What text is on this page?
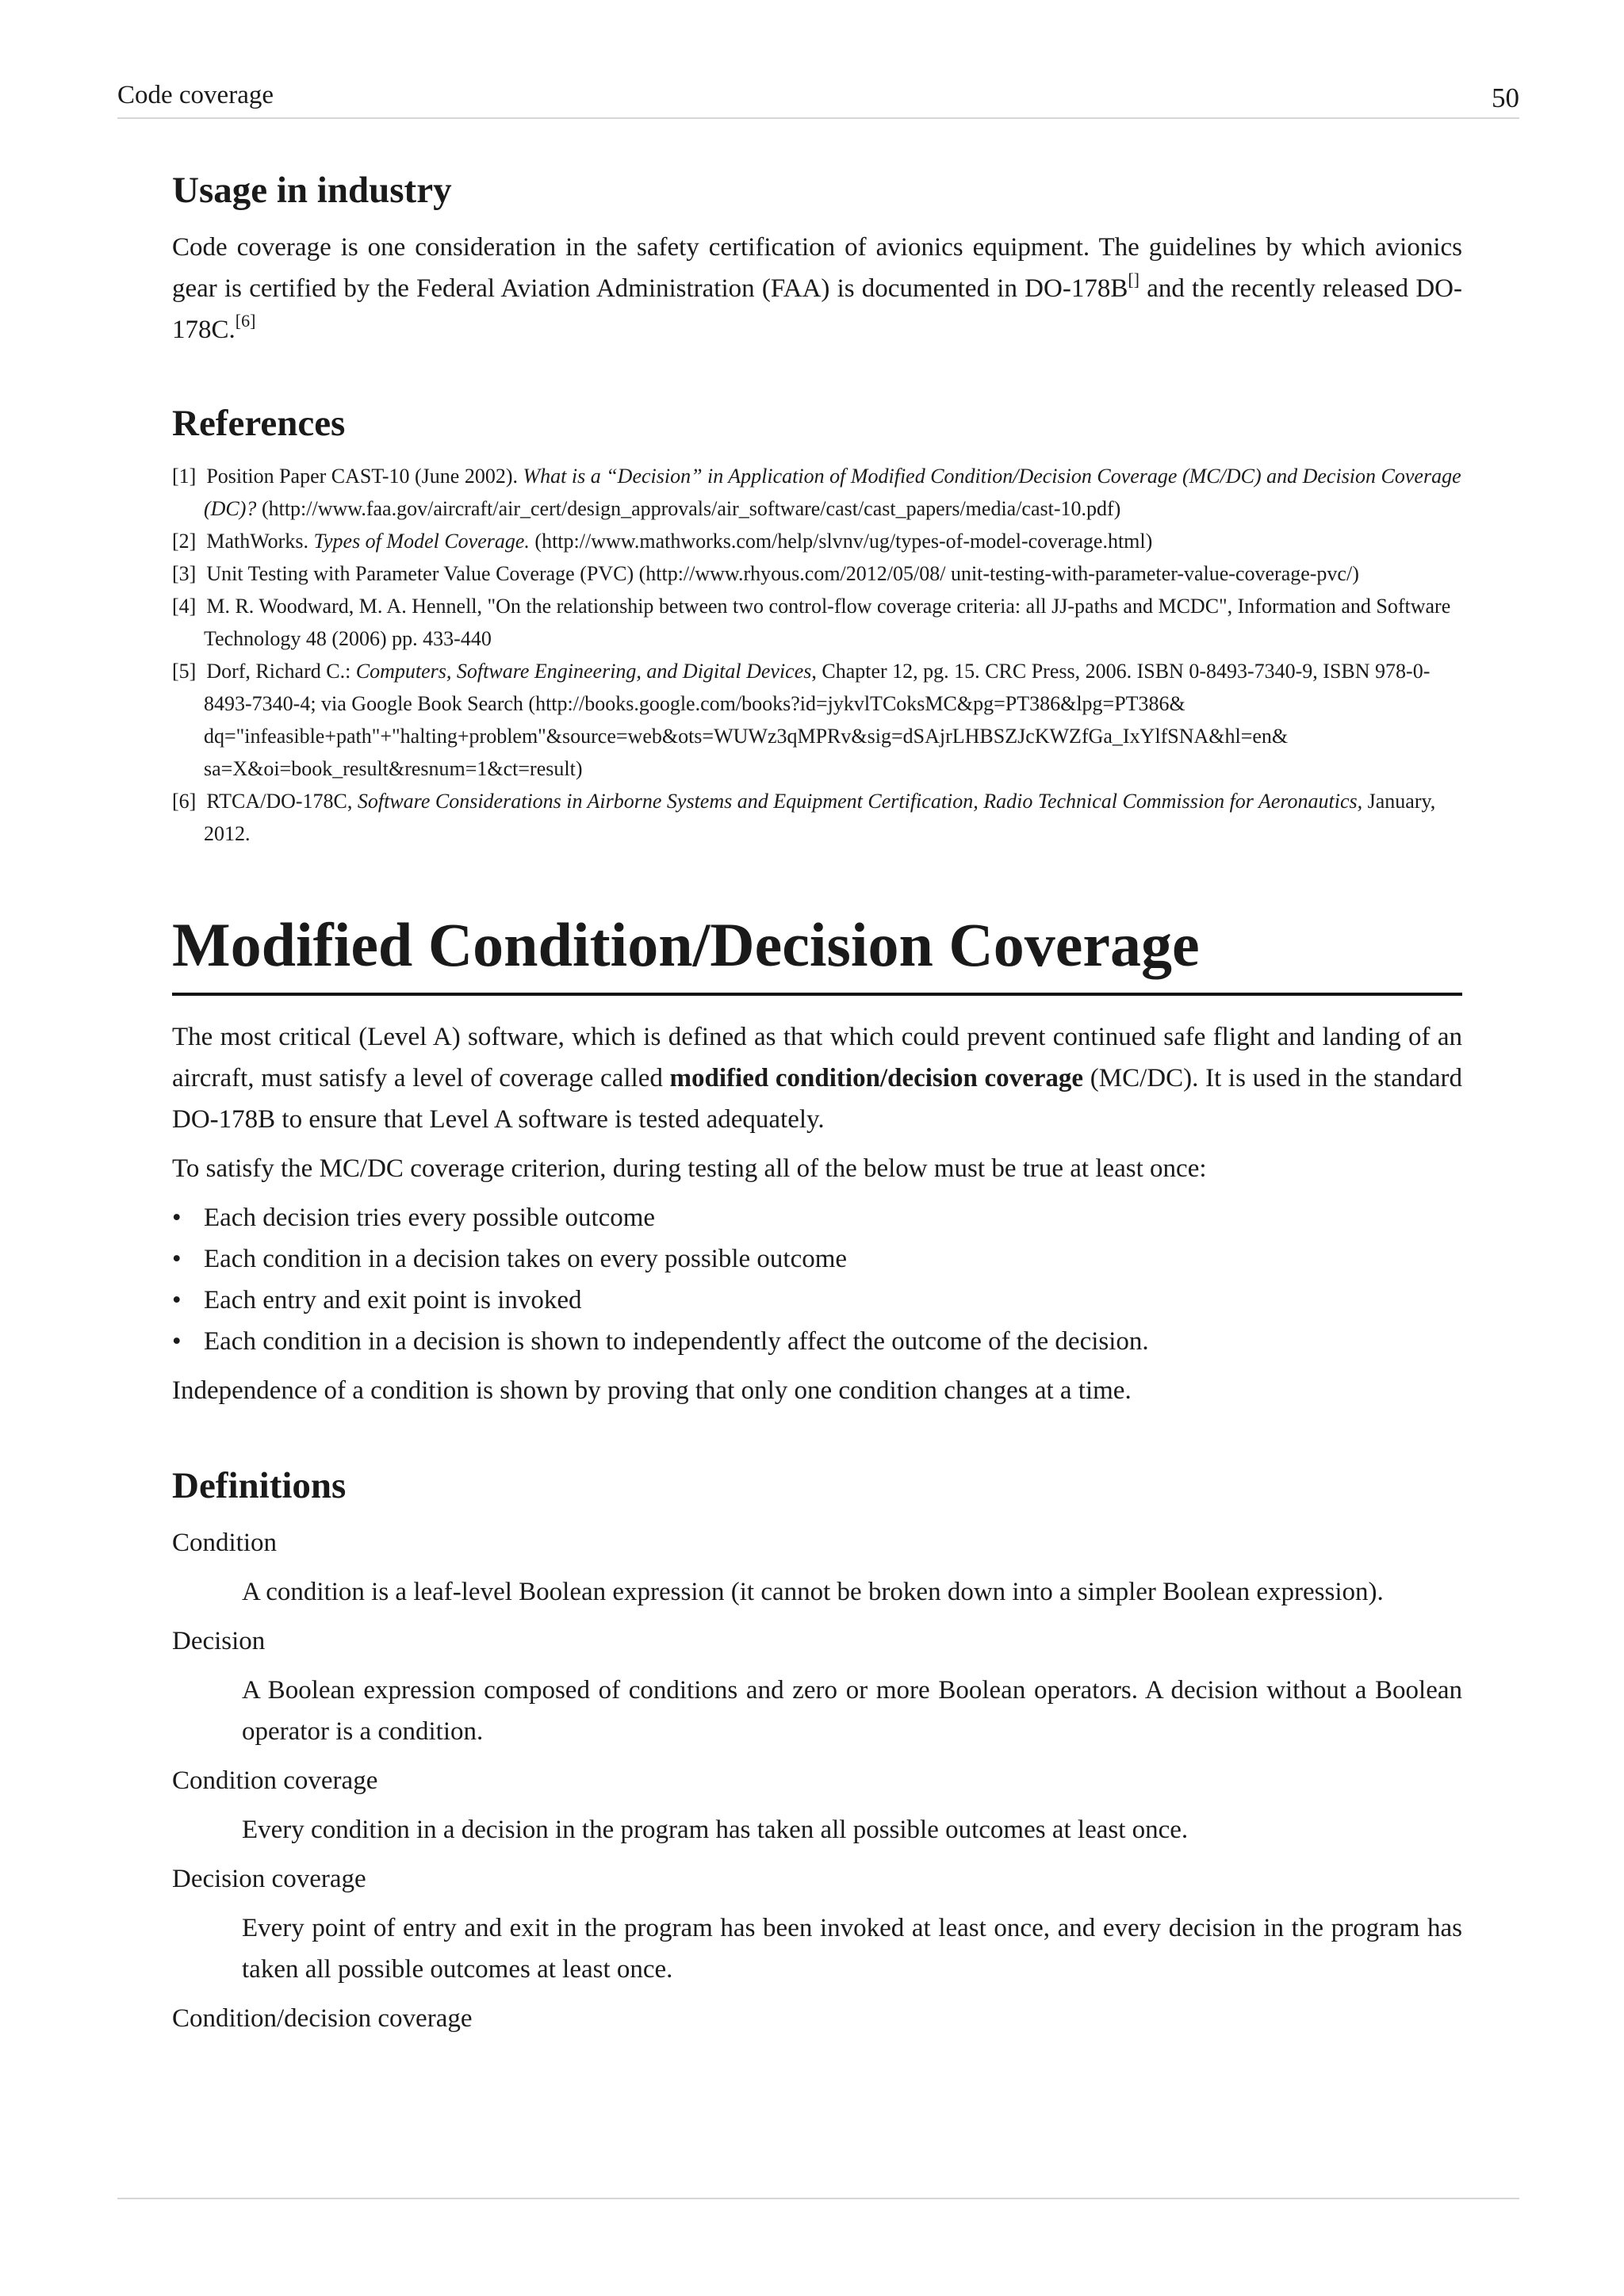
Code coverage	50
Usage in industry

Code coverage is one consideration in the safety certification of avionics equipment. The guidelines by which avionics gear is certified by the Federal Aviation Administration (FAA) is documented in DO-178B[] and the recently released DO-178C.[6]

References
[1] Position Paper CAST-10 (June 2002). What is a “Decision” in Application of Modified Condition/Decision Coverage (MC/DC) and Decision Coverage (DC)? (http://www.faa.gov/aircraft/air_cert/design_approvals/air_software/cast/cast_papers/media/cast-10.pdf)
[2] MathWorks. Types of Model Coverage. (http://www.mathworks.com/help/slvnv/ug/types-of-model-coverage.html)
[3] Unit Testing with Parameter Value Coverage (PVC) (http://www.rhyous.com/2012/05/08/ unit-testing-with-parameter-value-coverage-pvc/)
[4] M. R. Woodward, M. A. Hennell, "On the relationship between two control-flow coverage criteria: all JJ-paths and MCDC", Information and Software Technology 48 (2006) pp. 433-440
[5] Dorf, Richard C.: Computers, Software Engineering, and Digital Devices, Chapter 12, pg. 15. CRC Press, 2006. ISBN 0-8493-7340-9, ISBN 978-0-8493-7340-4; via Google Book Search (http://books.google.com/books?id=jykvlTCoksMC&pg=PT386&lpg=PT386& dq="infeasible+path"+"halting+problem"&source=web&ots=WUWz3qMPRv&sig=dSAjrLHBSZJcKWZfGa_IxYlfSNA&hl=en& sa=X&oi=book_result&resnum=1&ct=result)
[6] RTCA/DO-178C, Software Considerations in Airborne Systems and Equipment Certification, Radio Technical Commission for Aeronautics, January, 2012.
Modified Condition/Decision Coverage

The most critical (Level A) software, which is defined as that which could prevent continued safe flight and landing of an aircraft, must satisfy a level of coverage called modified condition/decision coverage (MC/DC). It is used in the standard DO-178B to ensure that Level A software is tested adequately.

To satisfy the MC/DC coverage criterion, during testing all of the below must be true at least once:

• Each decision tries every possible outcome
• Each condition in a decision takes on every possible outcome
• Each entry and exit point is invoked
• Each condition in a decision is shown to independently affect the outcome of the decision.

Independence of a condition is shown by proving that only one condition changes at a time.

Definitions
Condition
A condition is a leaf-level Boolean expression (it cannot be broken down into a simpler Boolean expression).
Decision
A Boolean expression composed of conditions and zero or more Boolean operators. A decision without a Boolean operator is a condition.
Condition coverage
Every condition in a decision in the program has taken all possible outcomes at least once.
Decision coverage
Every point of entry and exit in the program has been invoked at least once, and every decision in the program has taken all possible outcomes at least once.
Condition/decision coverage
